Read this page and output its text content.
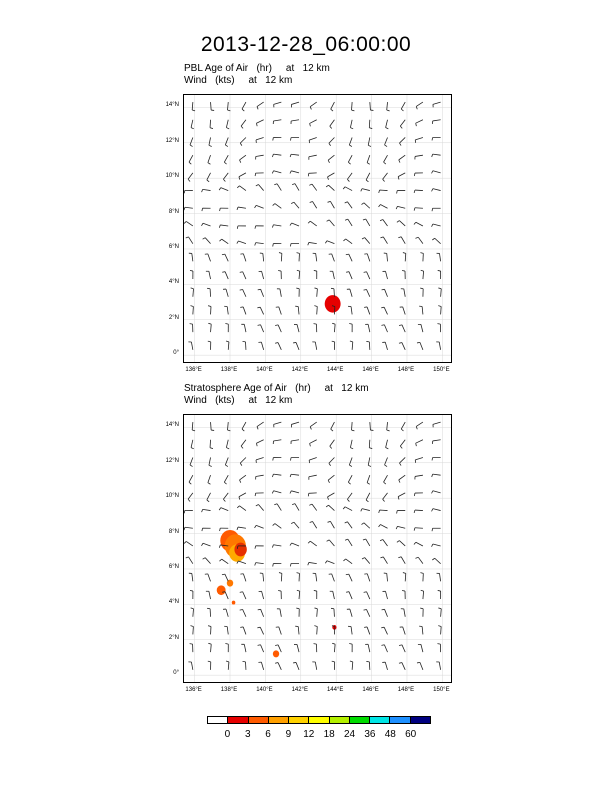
2013-12-28_06:00:00
PBL Age of Air   (hr)     at   12 km
Wind   (kts)     at   12 km
Stratosphere Age of Air   (hr)     at   12 km
Wind   (kts)     at   12 km
0	3	6	9	12 18 24 36 48 60
0°
2°N
4°N
6°N
8°N
10°N
12°N
14°N
136°E	138°E	140°E	142°E	144°E	146°E	148°E	150°E
0°
2°N
4°N
6°N
8°N
10°N
12°N
14°N
136°E	138°E	140°E	142°E	144°E	146°E	148°E	150°E
